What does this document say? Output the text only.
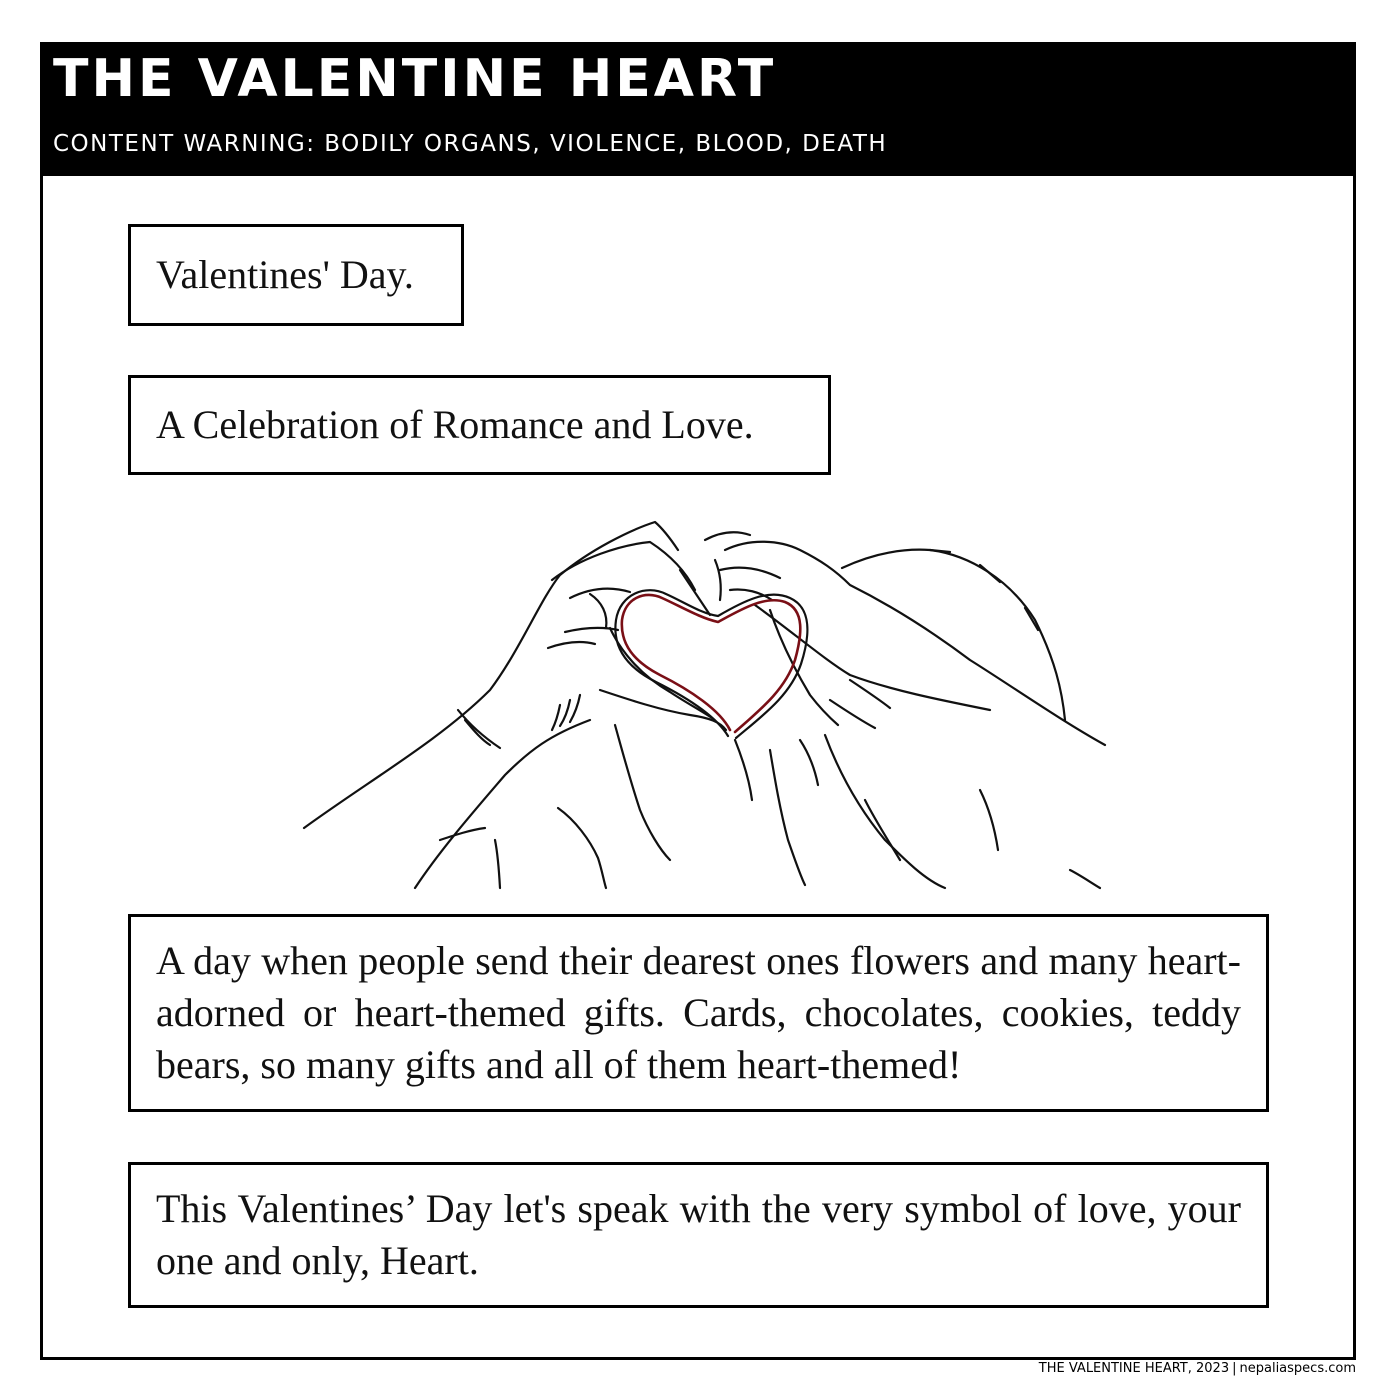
THE VALENTINE HEART
CONTENT WARNING: BODILY ORGANS, VIOLENCE, BLOOD, DEATH
Valentines' Day.
A Celebration of Romance and Love.
A day when people send their dearest ones flowers and many heart-adorned or heart-themed gifts. Cards, chocolates, cookies, teddy bears, so many gifts and all of them heart-themed!
This Valentines’ Day let's speak with the very symbol of love, your one and only, Heart.
THE VALENTINE HEART, 2023 | nepaliaspecs.com
